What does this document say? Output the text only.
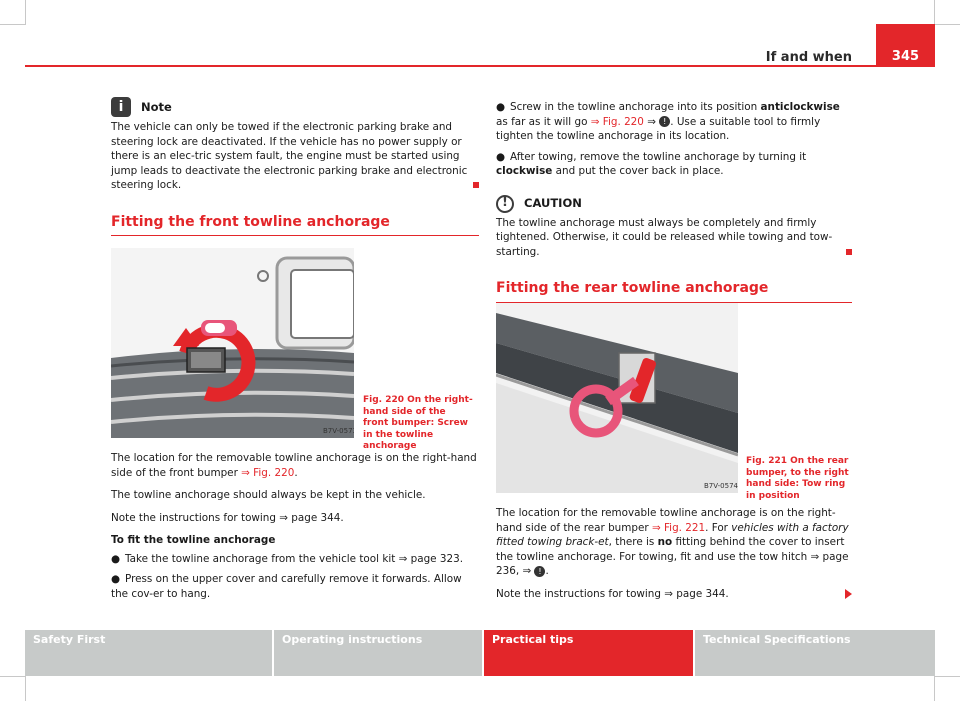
If and when	345
i	Note

The vehicle can only be towed if the electronic parking brake and steering lock are deactivated. If the vehicle has no power supply or there is an elec-tric system fault, the engine must be started using jump leads to deactivate the electronic parking brake and electronic steering lock.

Fitting the front towline anchorage
B7V-0573
Fig. 220 On the right-hand side of the front bumper: Screw in the towline anchorage

The location for the removable towline anchorage is on the right-hand side of the front bumper ⇒ Fig. 220.

The towline anchorage should always be kept in the vehicle.

Note the instructions for towing ⇒ page 344.

To fit the towline anchorage
● Take the towline anchorage from the vehicle tool kit ⇒ page 323.
● Press on the upper cover and carefully remove it forwards. Allow the cov-er to hang.
● Screw in the towline anchorage into its position anticlockwise as far as it will go ⇒ Fig. 220 ⇒ ! . Use a suitable tool to firmly tighten the towline anchorage in its location.
● After towing, remove the towline anchorage by turning it clockwise and put the cover back in place.
!	CAUTION

The towline anchorage must always be completely and firmly tightened. Otherwise, it could be released while towing and tow-starting.

Fitting the rear towline anchorage
B7V-0574
Fig. 221 On the rear bumper, to the right hand side: Tow ring in position

The location for the removable towline anchorage is on the right-hand side of the rear bumper ⇒ Fig. 221. For vehicles with a factory fitted towing brack-et, there is no fitting behind the cover to insert the towline anchorage. For towing, fit and use the tow hitch ⇒ page 236, ⇒ ! .

Note the instructions for towing ⇒ page 344.

Safety First	Operating instructions	Practical tips	Technical Specifications
